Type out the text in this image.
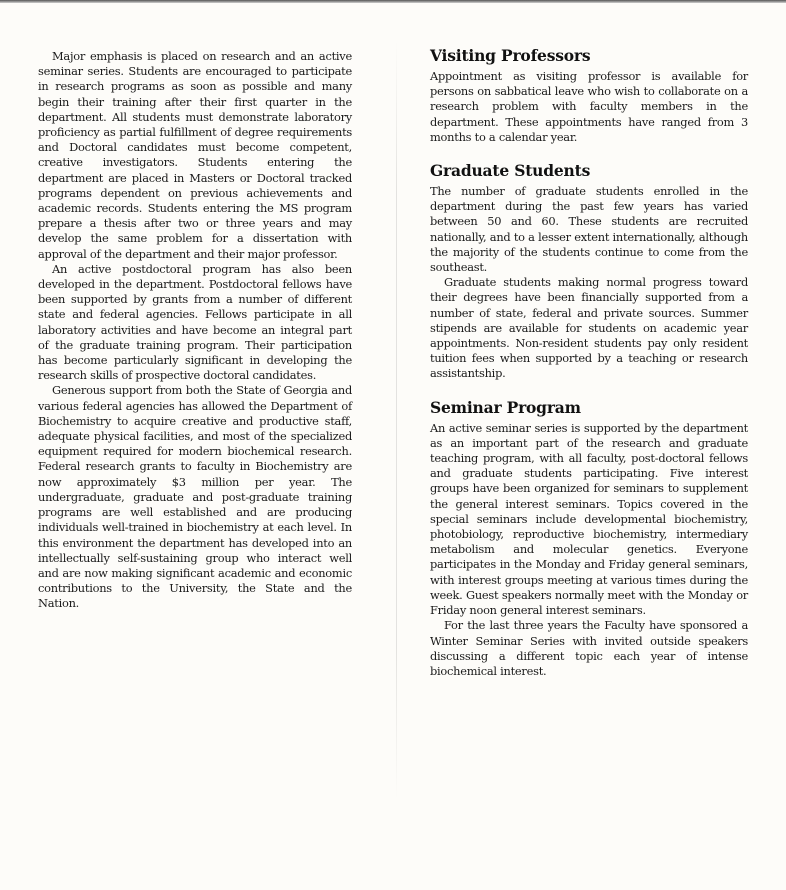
Major emphasis is placed on research and an active seminar series. Students are encouraged to participate in research programs as soon as possible and many begin their training after their first quarter in the department. All students must demonstrate laboratory proficiency as partial fulfillment of degree requirements and Doctoral candidates must become competent, creative investigators. Students entering the department are placed in Masters or Doctoral tracked programs dependent on previous achievements and academic records. Students entering the MS program prepare a thesis after two or three years and may develop the same problem for a dissertation with approval of the department and their major professor.

An active postdoctoral program has also been developed in the department. Postdoctoral fellows have been supported by grants from a number of different state and federal agencies. Fellows participate in all laboratory activities and have become an integral part of the graduate training program. Their participation has become particularly significant in developing the research skills of prospective doctoral candidates.

Generous support from both the State of Georgia and various federal agencies has allowed the Department of Biochemistry to acquire creative and productive staff, adequate physical facilities, and most of the specialized equipment required for modern biochemical research. Federal research grants to faculty in Biochemistry are now approximately $3 million per year. The undergraduate, graduate and post-graduate training programs are well established and are producing individuals well-trained in biochemistry at each level. In this environment the department has developed into an intellectually self-sustaining group who interact well and are now making significant academic and economic contributions to the University, the State and the Nation.

Visiting Professors

Appointment as visiting professor is available for persons on sabbatical leave who wish to collaborate on a research problem with faculty members in the department. These appointments have ranged from 3 months to a calendar year.

Graduate Students

The number of graduate students enrolled in the department during the past few years has varied between 50 and 60. These students are recruited nationally, and to a lesser extent internationally, although the majority of the students continue to come from the southeast.

Graduate students making normal progress toward their degrees have been financially supported from a number of state, federal and private sources. Summer stipends are available for students on academic year appointments. Non-resident students pay only resident tuition fees when supported by a teaching or research assistantship.

Seminar Program

An active seminar series is supported by the department as an important part of the research and graduate teaching program, with all faculty, post-doctoral fellows and graduate students participating. Five interest groups have been organized for seminars to supplement the general interest seminars. Topics covered in the special seminars include developmental biochemistry, photobiology, reproductive biochemistry, intermediary metabolism and molecular genetics. Everyone participates in the Monday and Friday general seminars, with interest groups meeting at various times during the week. Guest speakers normally meet with the Monday or Friday noon general interest seminars.

For the last three years the Faculty have sponsored a Winter Seminar Series with invited outside speakers discussing a different topic each year of intense biochemical interest.
